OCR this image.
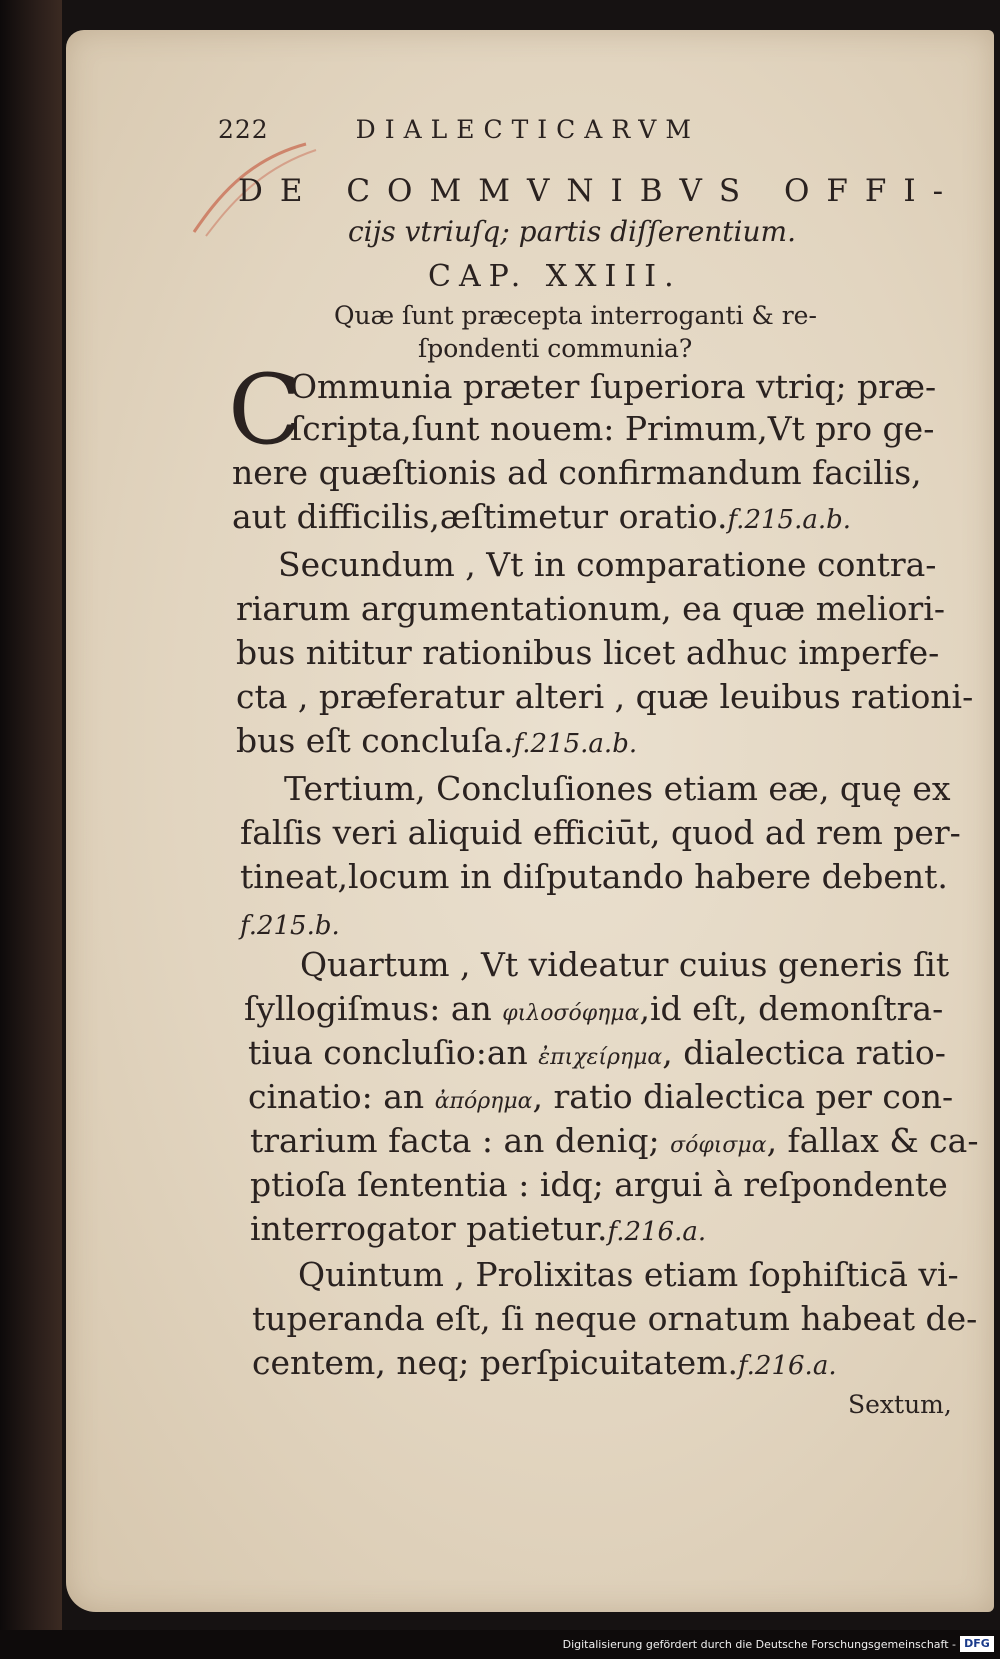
222	DIALECTICARVM
DE COMMVNIBVS OFFI-
cijs vtriuſq; partis diſſerentium.
CAP. XXIII.
Quæ ſunt præcepta interroganti & re-
ſpondenti communia?
C
Ommunia præter ſuperiora vtriq; præ-
ſcripta,ſunt nouem: Primum,Vt pro ge-
nere quæſtionis ad confirmandum facilis,
aut difficilis,æſtimetur oratio.f.215.a.b.
Secundum , Vt in comparatione contra-
riarum argumentationum, ea quæ meliori-
bus nititur rationibus licet adhuc imperfe-
cta , præferatur alteri , quæ leuibus rationi-
bus eſt concluſa.f.215.a.b.
Tertium, Concluſiones etiam eæ, quę ex
falſis veri aliquid efficiūt, quod ad rem per-
tineat,locum in diſputando habere debent.
f.215.b.
Quartum , Vt videatur cuius generis ſit
ſyllogiſmus: an φιλοσόφημα,id eſt, demonſtra-
tiua concluſio:an ἐπιχείρημα, dialectica ratio-
cinatio: an ἀπόρημα, ratio dialectica per con-
trarium facta : an deniq; σόφισμα, fallax & ca-
ptioſa ſententia : idq; argui à reſpondente
interrogator patietur.f.216.a.
Quintum , Prolixitas etiam ſophiſticā vi-
tuperanda eſt, ſi neque ornatum habeat de-
centem, neq; perſpicuitatem.f.216.a.
Sextum,
Digitalisierung gefördert durch die Deutsche Forschungsgemeinschaft - DFG
